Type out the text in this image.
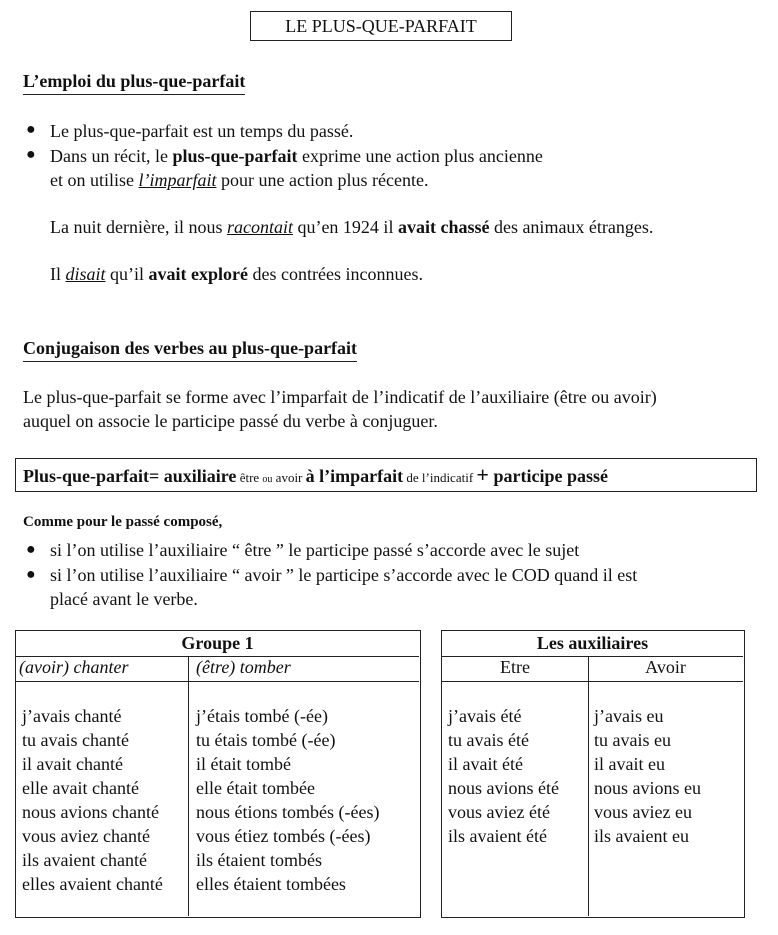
LE PLUS-QUE-PARFAIT
L’emploi du plus-que-parfait
● Le plus-que-parfait est un temps du passé.
● Dans un récit, le plus-que-parfait exprime une action plus ancienne
et on utilise l’imparfait pour une action plus récente.
La nuit dernière, il nous racontait qu’en 1924 il avait chassé des animaux étranges.
Il disait qu’il avait exploré des contrées inconnues.
Conjugaison des verbes au plus-que-parfait
Le plus-que-parfait se forme avec l’imparfait de l’indicatif de l’auxiliaire (être ou avoir)
auquel on associe le participe passé du verbe à conjuguer.
Plus-que-parfait= auxiliaire être ou avoir à l’imparfait de l’indicatif + participe passé
Comme pour le passé composé,
● si l’on utilise l’auxiliaire “ être ” le participe passé s’accorde avec le sujet
● si l’on utilise l’auxiliaire “ avoir ” le participe s’accorde avec le COD quand il est
placé avant le verbe.
Groupe 1
(avoir) chanter	(être) tomber
j’avais chanté
tu avais chanté
il avait chanté
elle avait chanté
nous avions chanté
vous aviez chanté
ils avaient chanté
elles avaient chanté
j’étais tombé (-ée)
tu étais tombé (-ée)
il était tombé
elle était tombée
nous étions tombés (-ées)
vous étiez tombés (-ées)
ils étaient tombés
elles étaient tombées
Les auxiliaires
Etre	Avoir
j’avais été
tu avais été
il avait été
nous avions été
vous aviez été
ils avaient été
j’avais eu
tu avais eu
il avait eu
nous avions eu
vous aviez eu
ils avaient eu
